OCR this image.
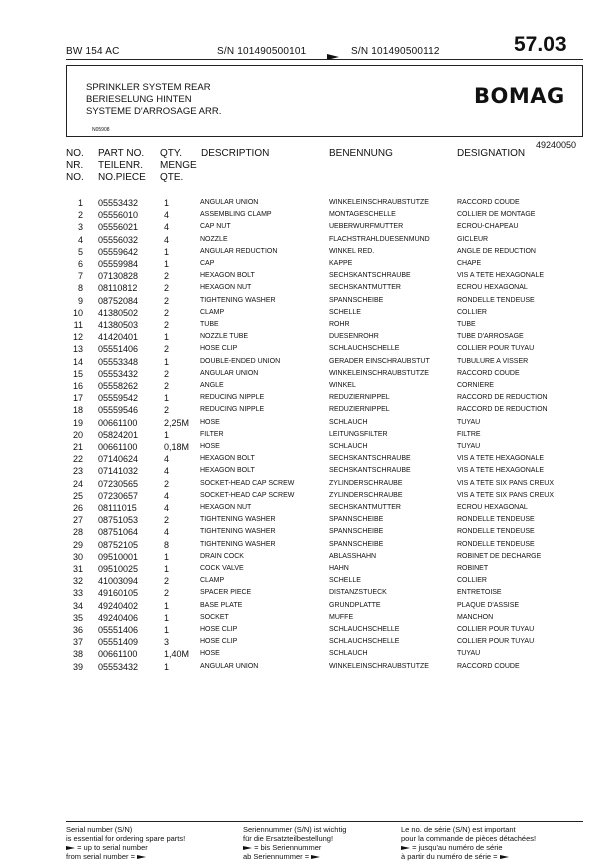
BW 154 AC	S/N 101490500101	S/N 101490500112	57.03
SPRINKLER SYSTEM REAR
BERIESELUNG HINTEN
SYSTEME D'ARROSAGE ARR.
N05908
BOMAG
49240050
NO.
NR.
NO.
PART NO.
TEILENR.
NO.PIECE
QTY.
MENGE
QTE.
DESCRIPTION	BENENNUNG	DESIGNATION
1 05553432	1	ANGULAR UNION	WINKELEINSCHRAUBSTUTZE	RACCORD COUDE
2 05556010	4	ASSEMBLING CLAMP	MONTAGESCHELLE	COLLIER DE MONTAGE
3 05556021	4	CAP NUT	UEBERWURFMUTTER	ECROU-CHAPEAU
4 05556032	4	NOZZLE	FLACHSTRAHLDUESENMUND	GICLEUR
5 05559642	1	ANGULAR REDUCTION	WINKEL RED.	ANGLE DE REDUCTION
6 05559984	1	CAP	KAPPE	CHAPE
7 07130828	2	HEXAGON BOLT	SECHSKANTSCHRAUBE	VIS A TETE HEXAGONALE
8 08110812	2	HEXAGON NUT	SECHSKANTMUTTER	ECROU HEXAGONAL
9 08752084	2	TIGHTENING WASHER	SPANNSCHEIBE	RONDELLE TENDEUSE
10 41380502	2	CLAMP	SCHELLE	COLLIER
11 41380503	2	TUBE	ROHR	TUBE
12 41420401	1	NOZZLE TUBE	DUESENROHR	TUBE D'ARROSAGE
13 05551406	2	HOSE CLIP	SCHLAUCHSCHELLE	COLLIER POUR TUYAU
14 05553348	1	DOUBLE-ENDED UNION	GERADER EINSCHRAUBSTUT	TUBULURE A VISSER
15 05553432	2	ANGULAR UNION	WINKELEINSCHRAUBSTUTZE	RACCORD COUDE
16 05558262	2	ANGLE	WINKEL	CORNIERE
17 05559542	1	REDUCING NIPPLE	REDUZIERNIPPEL	RACCORD DE REDUCTION
18 05559546	2	REDUCING NIPPLE	REDUZIERNIPPEL	RACCORD DE REDUCTION
19 00661100	2,25M HOSE	SCHLAUCH	TUYAU
20 05824201	1	FILTER	LEITUNGSFILTER	FILTRE
21 00661100	0,18M HOSE	SCHLAUCH	TUYAU
22 07140624	4	HEXAGON BOLT	SECHSKANTSCHRAUBE	VIS A TETE HEXAGONALE
23 07141032	4	HEXAGON BOLT	SECHSKANTSCHRAUBE	VIS A TETE HEXAGONALE
24 07230565	2	SOCKET-HEAD CAP SCREW	ZYLINDERSCHRAUBE	VIS A TETE SIX PANS CREUX
25 07230657	4	SOCKET-HEAD CAP SCREW	ZYLINDERSCHRAUBE	VIS A TETE SIX PANS CREUX
26 08111015	4	HEXAGON NUT	SECHSKANTMUTTER	ECROU HEXAGONAL
27 08751053	2	TIGHTENING WASHER	SPANNSCHEIBE	RONDELLE TENDEUSE
28 08751064	4	TIGHTENING WASHER	SPANNSCHEIBE	RONDELLE TENDEUSE
29 08752105	8	TIGHTENING WASHER	SPANNSCHEIBE	RONDELLE TENDEUSE
30 09510001	1	DRAIN COCK	ABLASSHAHN	ROBINET DE DECHARGE
31 09510025	1	COCK VALVE	HAHN	ROBINET
32 41003094	2	CLAMP	SCHELLE	COLLIER
33 49160105	2	SPACER PIECE	DISTANZSTUECK	ENTRETOISE
34 49240402	1	BASE PLATE	GRUNDPLATTE	PLAQUE D'ASSISE
35 49240406	1	SOCKET	MUFFE	MANCHON
36 05551406	1	HOSE CLIP	SCHLAUCHSCHELLE	COLLIER POUR TUYAU
37 05551409	3	HOSE CLIP	SCHLAUCHSCHELLE	COLLIER POUR TUYAU
38 00661100	1,40M HOSE	SCHLAUCH	TUYAU
39 05553432	1	ANGULAR UNION	WINKELEINSCHRAUBSTUTZE	RACCORD COUDE
Serial number (S/N)
is essential for ordering spare parts!
= up to serial number
from serial number =
Seriennummer (S/N) ist wichtig
für die Ersatzteilbestellung!
= bis Seriennummer
ab Seriennummer =
Le no. de série (S/N) est important
pour la commande de pièces détachées!
= jusqu'au numéro de série
à partir du numéro de série =
